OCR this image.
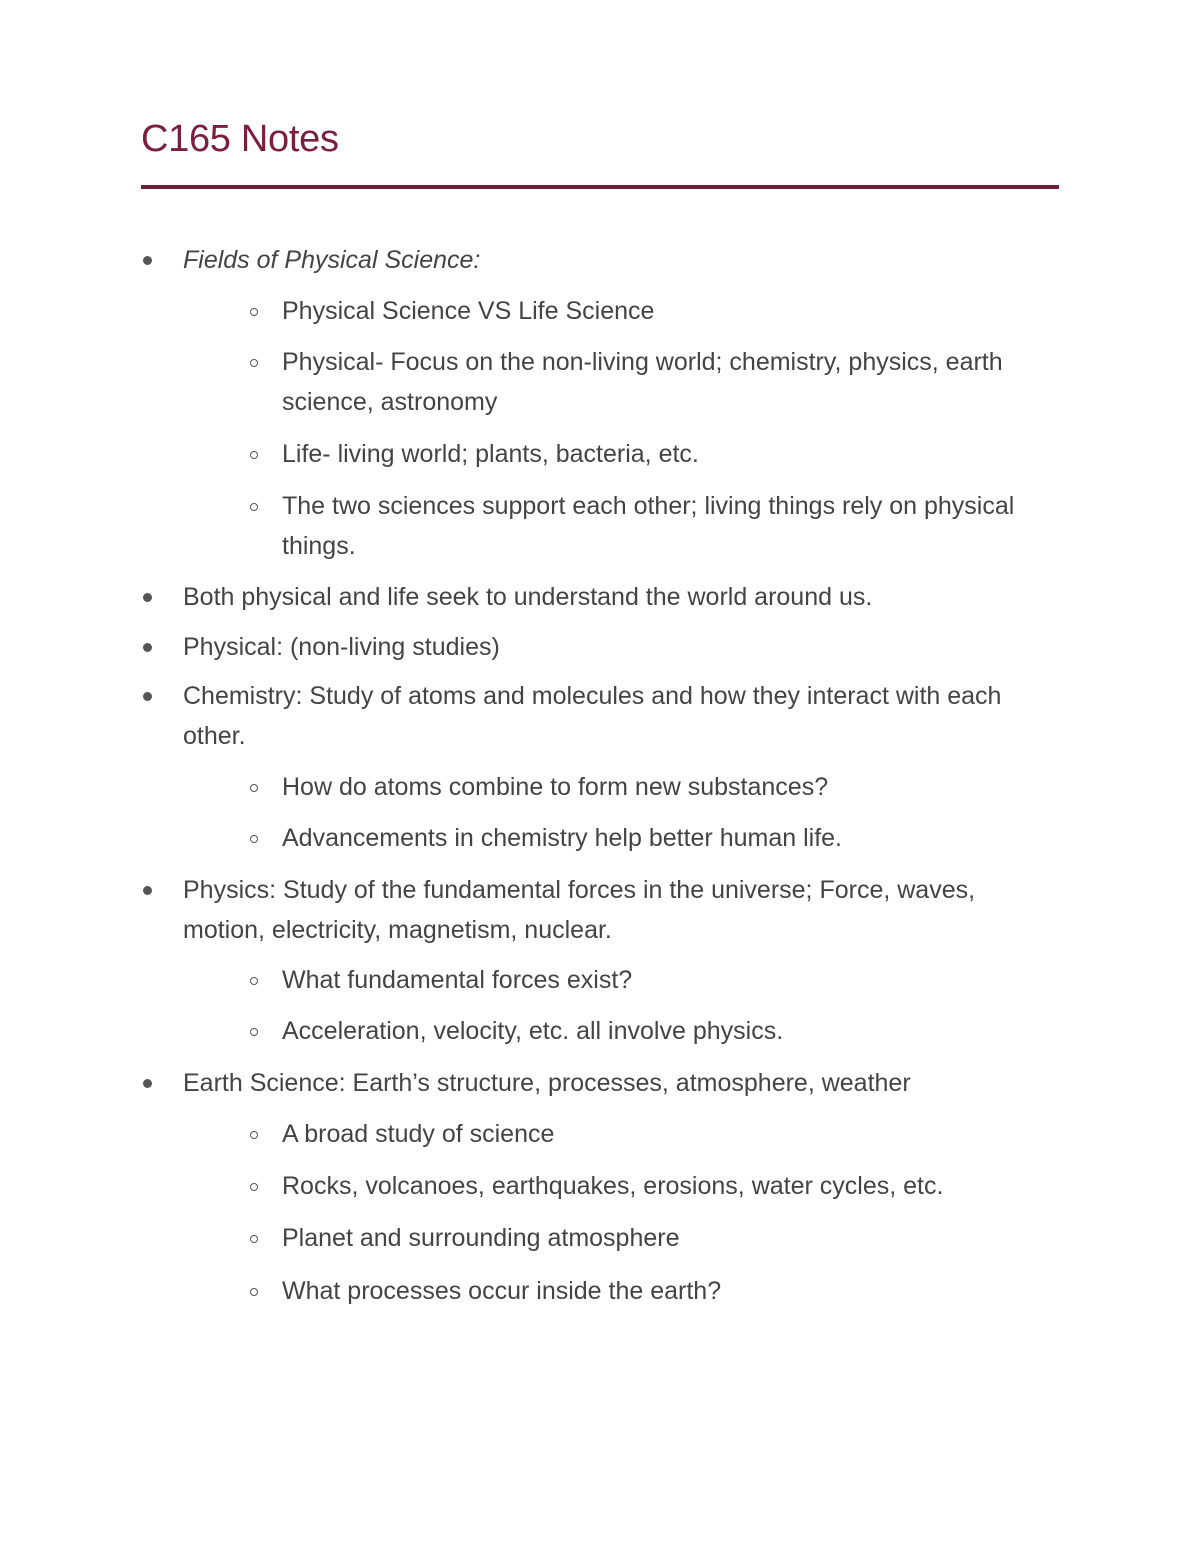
C165 Notes
Fields of Physical Science:
Physical Science VS Life Science
Physical- Focus on the non-living world; chemistry, physics, earth science, astronomy
Life- living world; plants, bacteria, etc.
The two sciences support each other; living things rely on physical things.
Both physical and life seek to understand the world around us.
Physical: (non-living studies)
Chemistry: Study of atoms and molecules and how they interact with each other.
How do atoms combine to form new substances?
Advancements in chemistry help better human life.
Physics: Study of the fundamental forces in the universe; Force, waves, motion, electricity, magnetism, nuclear.
What fundamental forces exist?
Acceleration, velocity, etc. all involve physics.
Earth Science: Earth’s structure, processes, atmosphere, weather
A broad study of science
Rocks, volcanoes, earthquakes, erosions, water cycles, etc.
Planet and surrounding atmosphere
What processes occur inside the earth?
